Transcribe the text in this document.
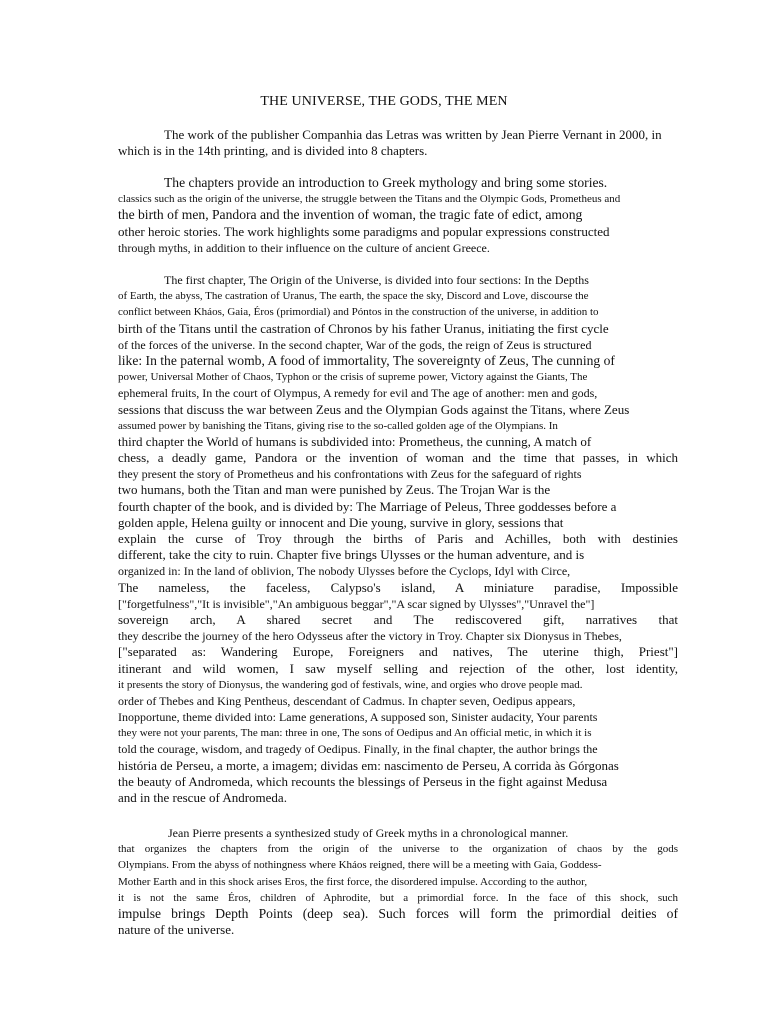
THE UNIVERSE, THE GODS, THE MEN
The work of the publisher Companhia das Letras was written by Jean Pierre Vernant in 2000, in
which is in the 14th printing, and is divided into 8 chapters.
The chapters provide an introduction to Greek mythology and bring some stories.
classics such as the origin of the universe, the struggle between the Titans and the Olympic Gods, Prometheus and
the birth of men, Pandora and the invention of woman, the tragic fate of edict, among
other heroic stories. The work highlights some paradigms and popular expressions constructed
through myths, in addition to their influence on the culture of ancient Greece.
The first chapter, The Origin of the Universe, is divided into four sections: In the Depths
of Earth, the abyss, The castration of Uranus, The earth, the space the sky, Discord and Love, discourse the
conflict between Kháos, Gaia, Éros (primordial) and Póntos in the construction of the universe, in addition to
birth of the Titans until the castration of Chronos by his father Uranus, initiating the first cycle
of the forces of the universe. In the second chapter, War of the gods, the reign of Zeus is structured
like: In the paternal womb, A food of immortality, The sovereignty of Zeus, The cunning of
power, Universal Mother of Chaos, Typhon or the crisis of supreme power, Victory against the Giants, The
ephemeral fruits, In the court of Olympus, A remedy for evil and The age of another: men and gods,
sessions that discuss the war between Zeus and the Olympian Gods against the Titans, where Zeus
assumed power by banishing the Titans, giving rise to the so-called golden age of the Olympians. In
third chapter the World of humans is subdivided into: Prometheus, the cunning, A match of
chess, a deadly game, Pandora or the invention of woman and the time that passes, in which
they present the story of Prometheus and his confrontations with Zeus for the safeguard of rights
two humans, both the Titan and man were punished by Zeus. The Trojan War is the
fourth chapter of the book, and is divided by: The Marriage of Peleus, Three goddesses before a
golden apple, Helena guilty or innocent and Die young, survive in glory, sessions that
explain the curse of Troy through the births of Paris and Achilles, both with destinies
different, take the city to ruin. Chapter five brings Ulysses or the human adventure, and is
organized in: In the land of oblivion, The nobody Ulysses before the Cyclops, Idyl with Circe,
The nameless, the faceless, Calypso's island, A miniature paradise, Impossible
["forgetfulness","It is invisible","An ambiguous beggar","A scar signed by Ulysses","Unravel the"]
sovereign arch, A shared secret and The rediscovered gift, narratives that
they describe the journey of the hero Odysseus after the victory in Troy. Chapter six Dionysus in Thebes,
["separated as: Wandering Europe, Foreigners and natives, The uterine thigh, Priest"]
itinerant and wild women, I saw myself selling and rejection of the other, lost identity,
it presents the story of Dionysus, the wandering god of festivals, wine, and orgies who drove people mad.
order of Thebes and King Pentheus, descendant of Cadmus. In chapter seven, Oedipus appears,
Inopportune, theme divided into: Lame generations, A supposed son, Sinister audacity, Your parents
they were not your parents, The man: three in one, The sons of Oedipus and An official metic, in which it is
told the courage, wisdom, and tragedy of Oedipus. Finally, in the final chapter, the author brings the
história de Perseu, a morte, a imagem; dividas em: nascimento de Perseu, A corrida às Górgonas
the beauty of Andromeda, which recounts the blessings of Perseus in the fight against Medusa
and in the rescue of Andromeda.
Jean Pierre presents a synthesized study of Greek myths in a chronological manner.
that organizes the chapters from the origin of the universe to the organization of chaos by the gods
Olympians. From the abyss of nothingness where Kháos reigned, there will be a meeting with Gaia, Goddess-
Mother Earth and in this shock arises Eros, the first force, the disordered impulse. According to the author,
it is not the same Éros, children of Aphrodite, but a primordial force. In the face of this shock, such
impulse brings Depth Points (deep sea). Such forces will form the primordial deities of
nature of the universe.
